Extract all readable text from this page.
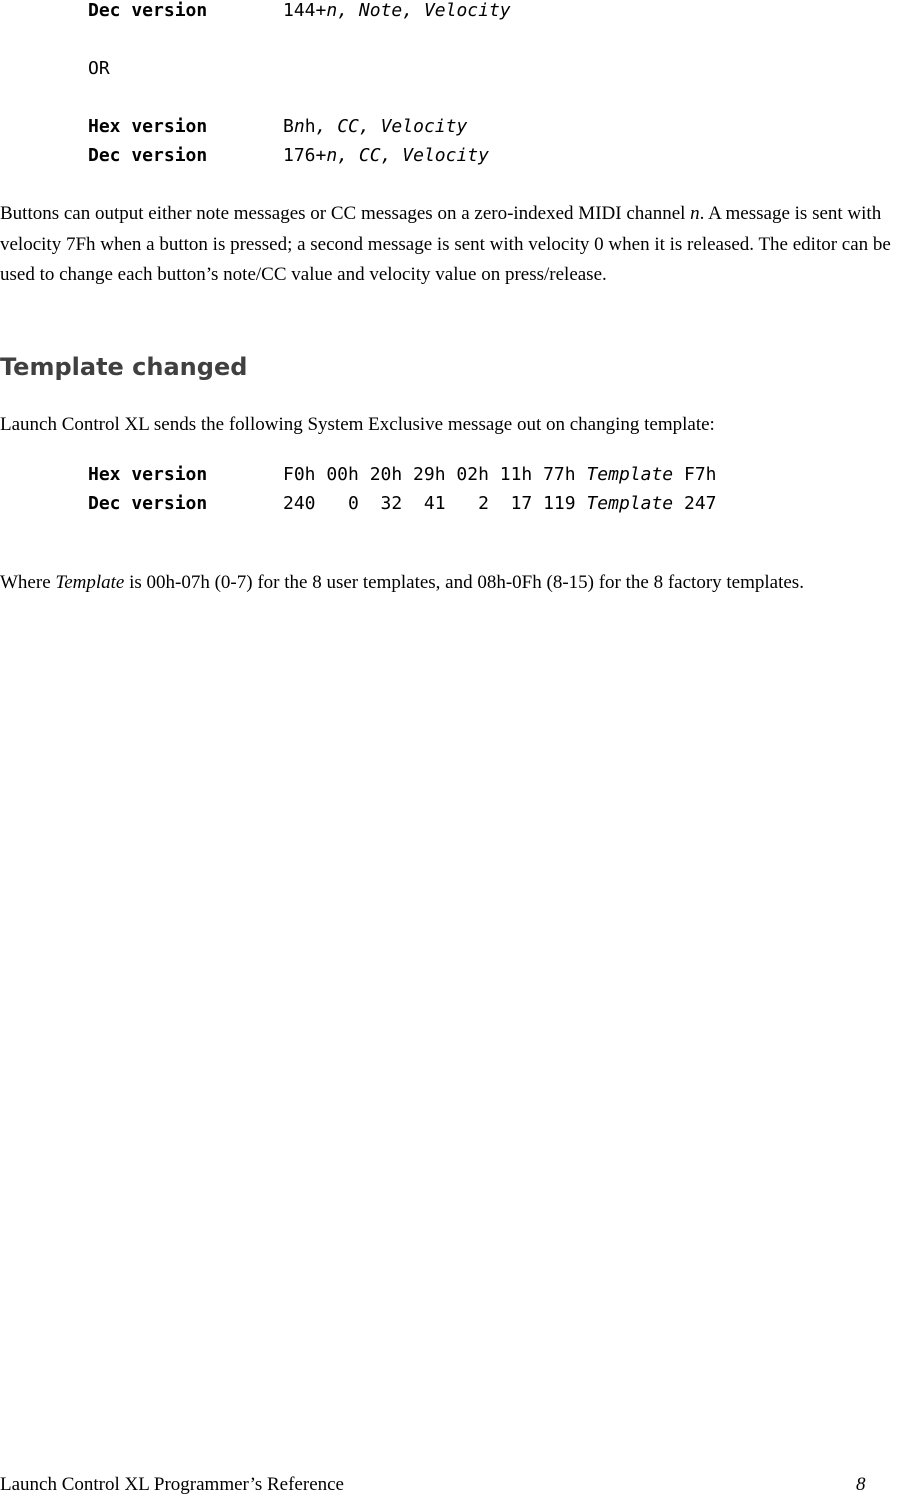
Dec version	144+n, Note, Velocity
OR
Hex version	Bnh, CC, Velocity
Dec version	176+n, CC, Velocity
Buttons can output either note messages or CC messages on a zero-indexed MIDI channel n. A message is sent with velocity 7Fh when a button is pressed; a second message is sent with velocity 0 when it is released. The editor can be used to change each button’s note/CC value and velocity value on press/release.
Template changed
Launch Control XL sends the following System Exclusive message out on changing template:
Hex version	F0h 00h 20h 29h 02h 11h 77h Template F7h
Dec version	240   0  32  41   2  17 119 Template 247
Where Template is 00h-07h (0-7) for the 8 user templates, and 08h-0Fh (8-15) for the 8 factory templates.
Launch Control XL Programmer’s Reference	8
